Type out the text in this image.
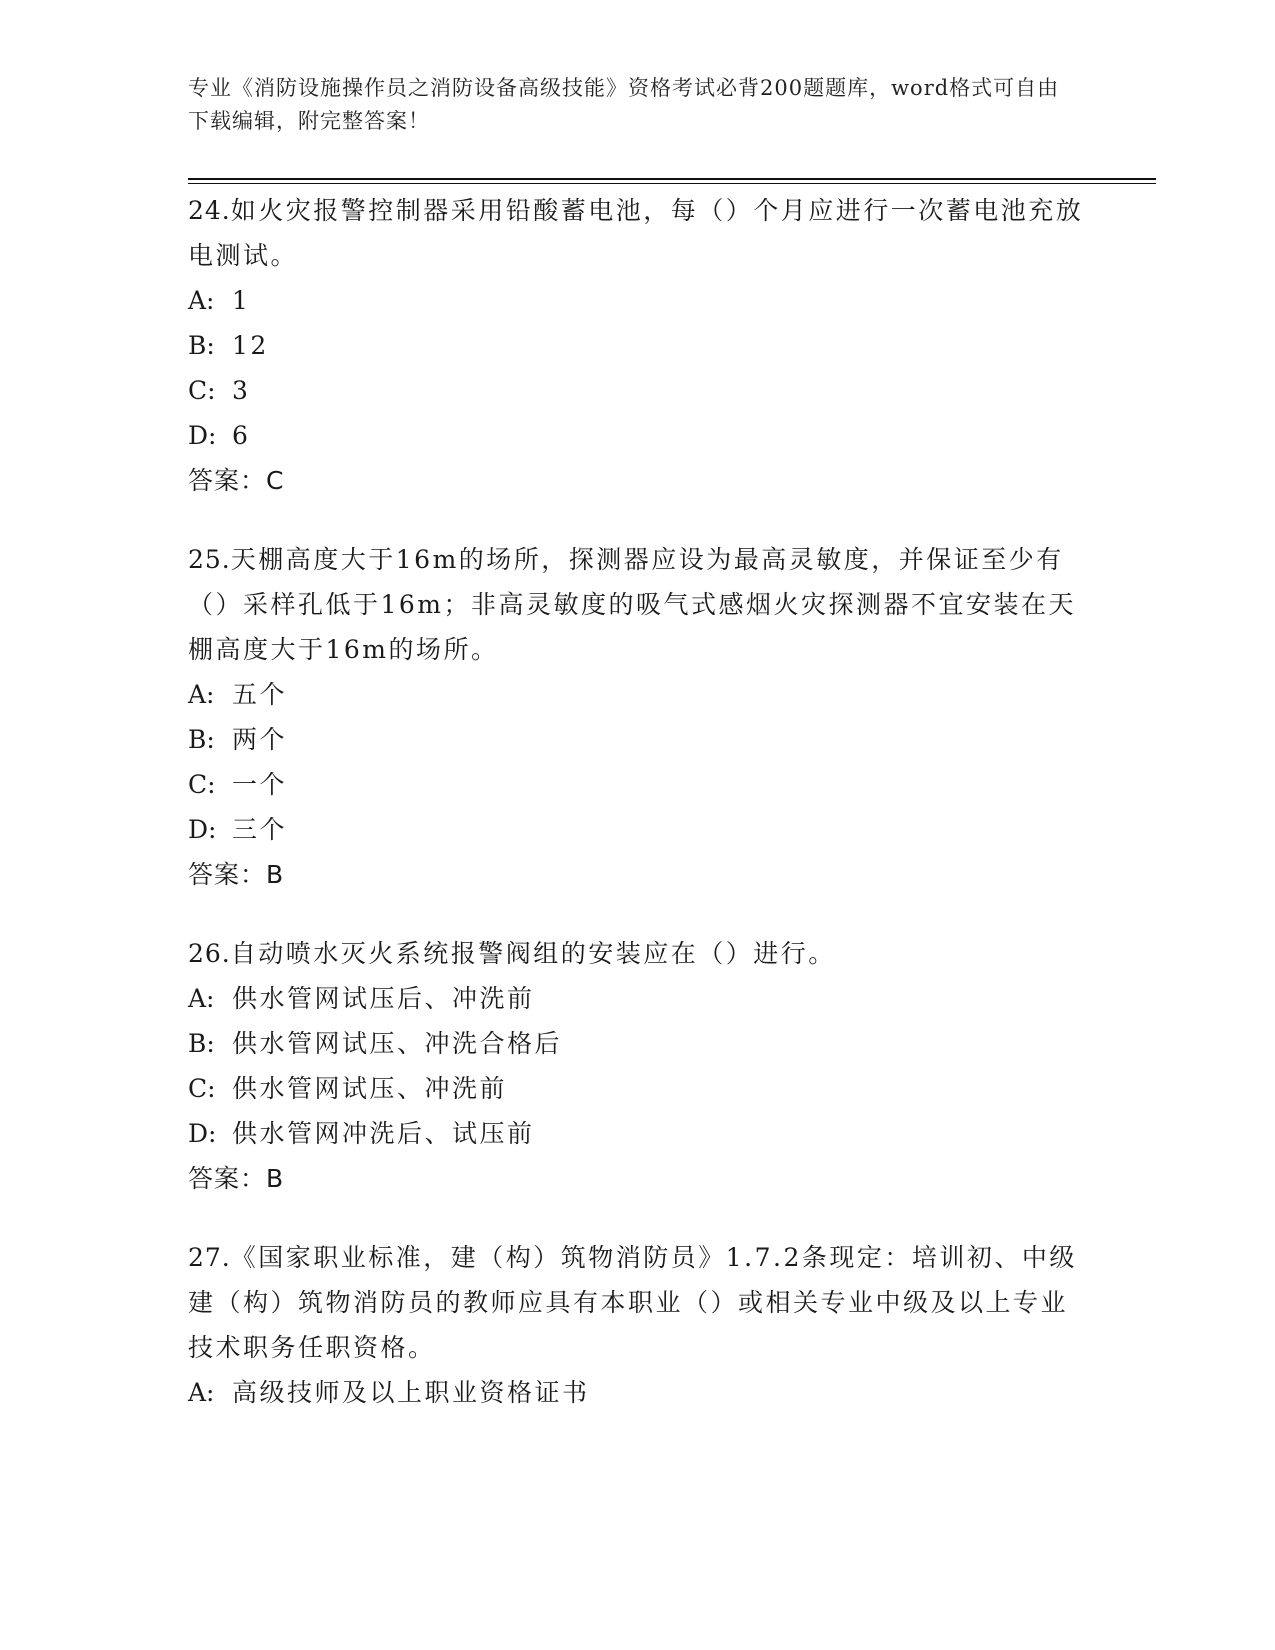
专业《消防设施操作员之消防设备高级技能》资格考试必背200题题库，word格式可自由下载编辑，附完整答案！

24.如火灾报警控制器采用铅酸蓄电池，每（）个月应进行一次蓄电池充放电测试。

A: 1
B: 12
C: 3
D: 6
答案：C

25.天棚高度大于16m的场所，探测器应设为最高灵敏度，并保证至少有（）采样孔低于16m；非高灵敏度的吸气式感烟火灾探测器不宜安装在天棚高度大于16m的场所。

A: 五个
B: 两个
C: 一个
D: 三个
答案：B

26.自动喷水灭火系统报警阀组的安装应在（）进行。

A: 供水管网试压后、冲洗前
B: 供水管网试压、冲洗合格后
C: 供水管网试压、冲洗前
D: 供水管网冲洗后、试压前
答案：B

27.《国家职业标准，建（构）筑物消防员》1.7.2条现定：培训初、中级建（构）筑物消防员的教师应具有本职业（）或相关专业中级及以上专业技术职务任职资格。

A: 高级技师及以上职业资格证书
